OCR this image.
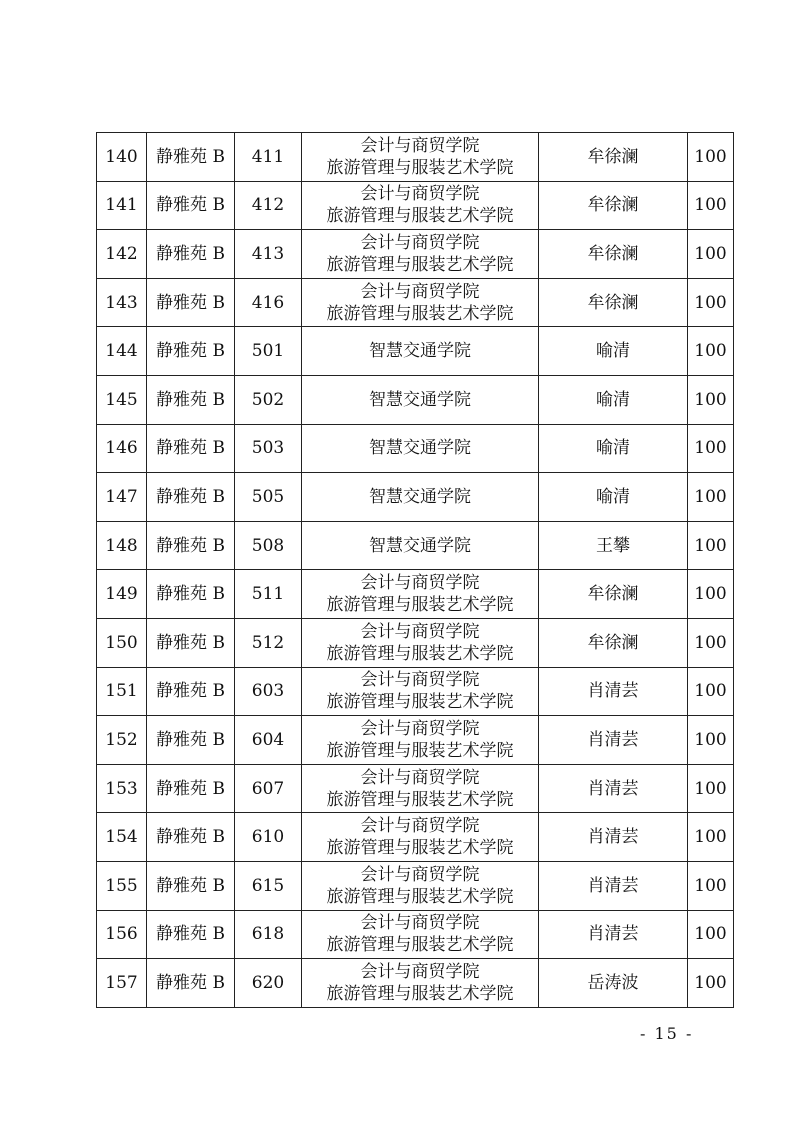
140	静雅苑 B	411	会计与商贸学院
旅游管理与服装艺术学院	牟徐澜	100
141	静雅苑 B	412	会计与商贸学院
旅游管理与服装艺术学院	牟徐澜	100
142	静雅苑 B	413	会计与商贸学院
旅游管理与服装艺术学院	牟徐澜	100
143	静雅苑 B	416	会计与商贸学院
旅游管理与服装艺术学院	牟徐澜	100
144	静雅苑 B	501	智慧交通学院	喻清	100
145	静雅苑 B	502	智慧交通学院	喻清	100
146	静雅苑 B	503	智慧交通学院	喻清	100
147	静雅苑 B	505	智慧交通学院	喻清	100
148	静雅苑 B	508	智慧交通学院	王攀	100
149	静雅苑 B	511	会计与商贸学院
旅游管理与服装艺术学院	牟徐澜	100
150	静雅苑 B	512	会计与商贸学院
旅游管理与服装艺术学院	牟徐澜	100
151	静雅苑 B	603	会计与商贸学院
旅游管理与服装艺术学院	肖清芸	100
152	静雅苑 B	604	会计与商贸学院
旅游管理与服装艺术学院	肖清芸	100
153	静雅苑 B	607	会计与商贸学院
旅游管理与服装艺术学院	肖清芸	100
154	静雅苑 B	610	会计与商贸学院
旅游管理与服装艺术学院	肖清芸	100
155	静雅苑 B	615	会计与商贸学院
旅游管理与服装艺术学院	肖清芸	100
156	静雅苑 B	618	会计与商贸学院
旅游管理与服装艺术学院	肖清芸	100
157	静雅苑 B	620	会计与商贸学院
旅游管理与服装艺术学院	岳涛波	100
- 15 -
